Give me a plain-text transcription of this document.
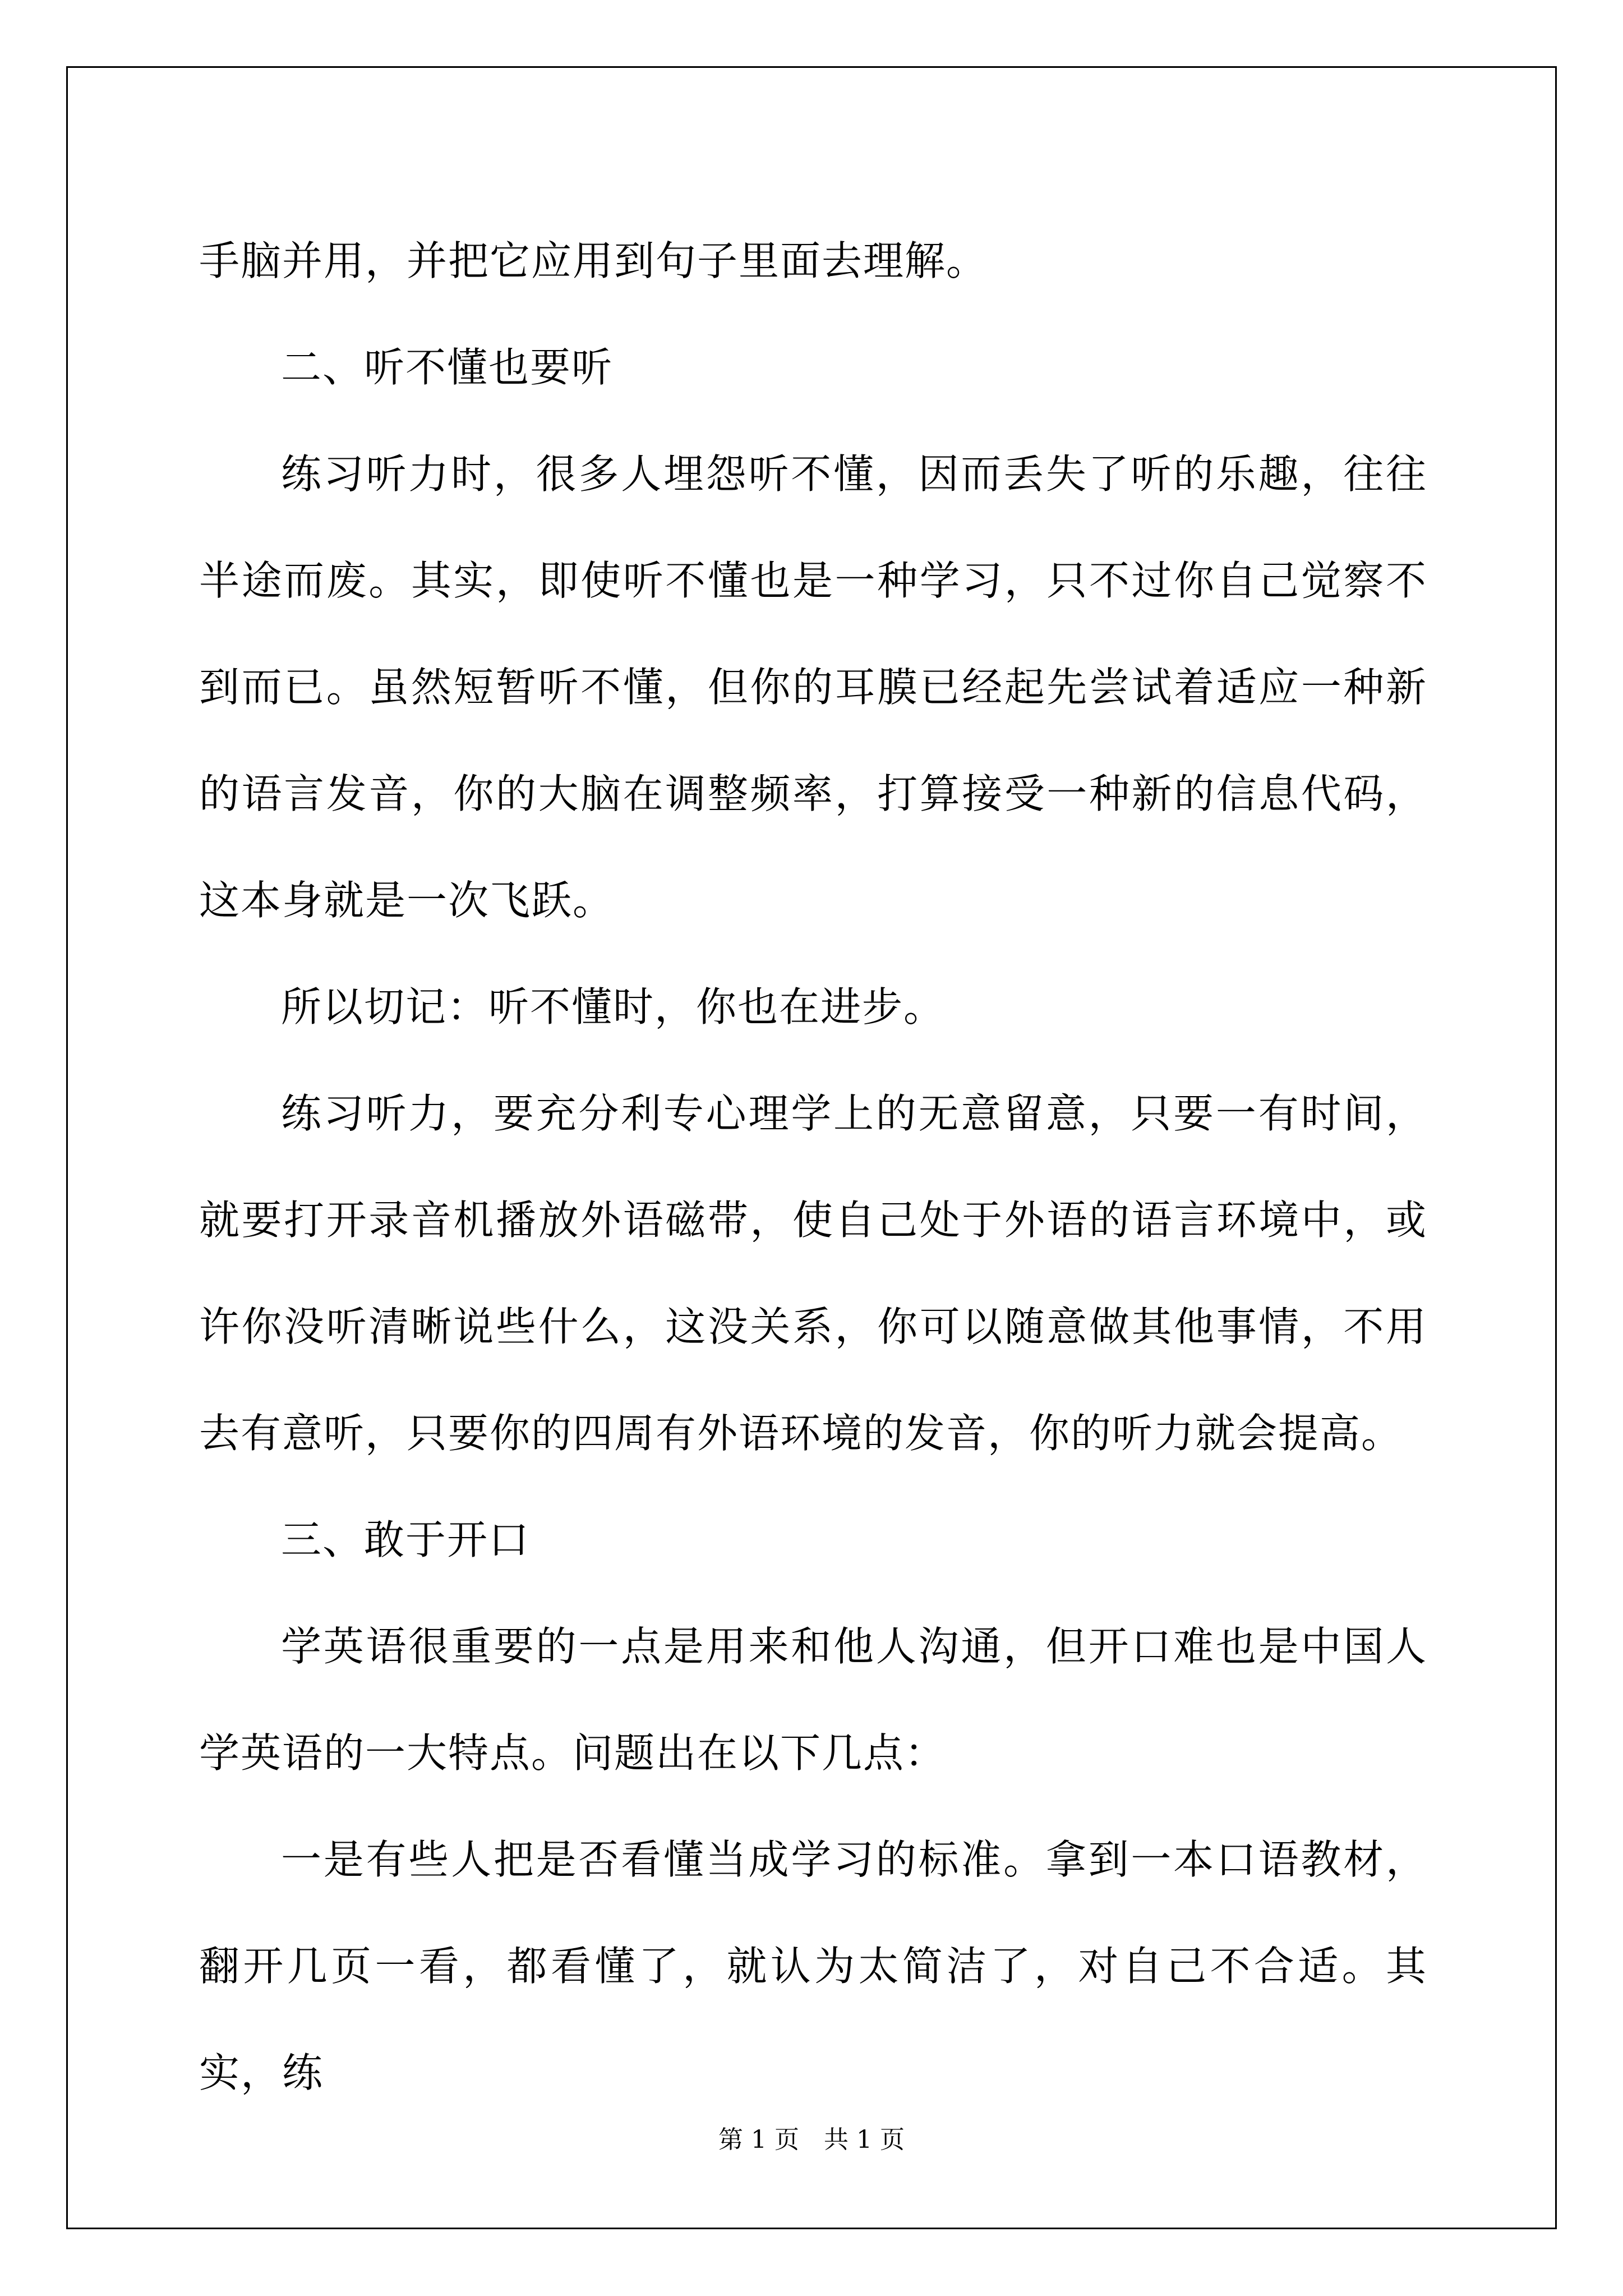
手脑并用，并把它应用到句子里面去理解。

二、听不懂也要听

练习听力时，很多人埋怨听不懂，因而丢失了听的乐趣，往往半途而废。其实，即使听不懂也是一种学习，只不过你自己觉察不到而已。虽然短暂听不懂，但你的耳膜已经起先尝试着适应一种新的语言发音，你的大脑在调整频率，打算接受一种新的信息代码，这本身就是一次飞跃。

所以切记：听不懂时，你也在进步。

练习听力，要充分利专心理学上的无意留意，只要一有时间，就要打开录音机播放外语磁带，使自己处于外语的语言环境中，或许你没听清晰说些什么，这没关系，你可以随意做其他事情，不用去有意听，只要你的四周有外语环境的发音，你的听力就会提高。

三、敢于开口

学英语很重要的一点是用来和他人沟通，但开口难也是中国人学英语的一大特点。问题出在以下几点：

一是有些人把是否看懂当成学习的标准。拿到一本口语教材，翻开几页一看，都看懂了，就认为太简洁了，对自己不合适。其实，练

第 1 页　共 1 页
